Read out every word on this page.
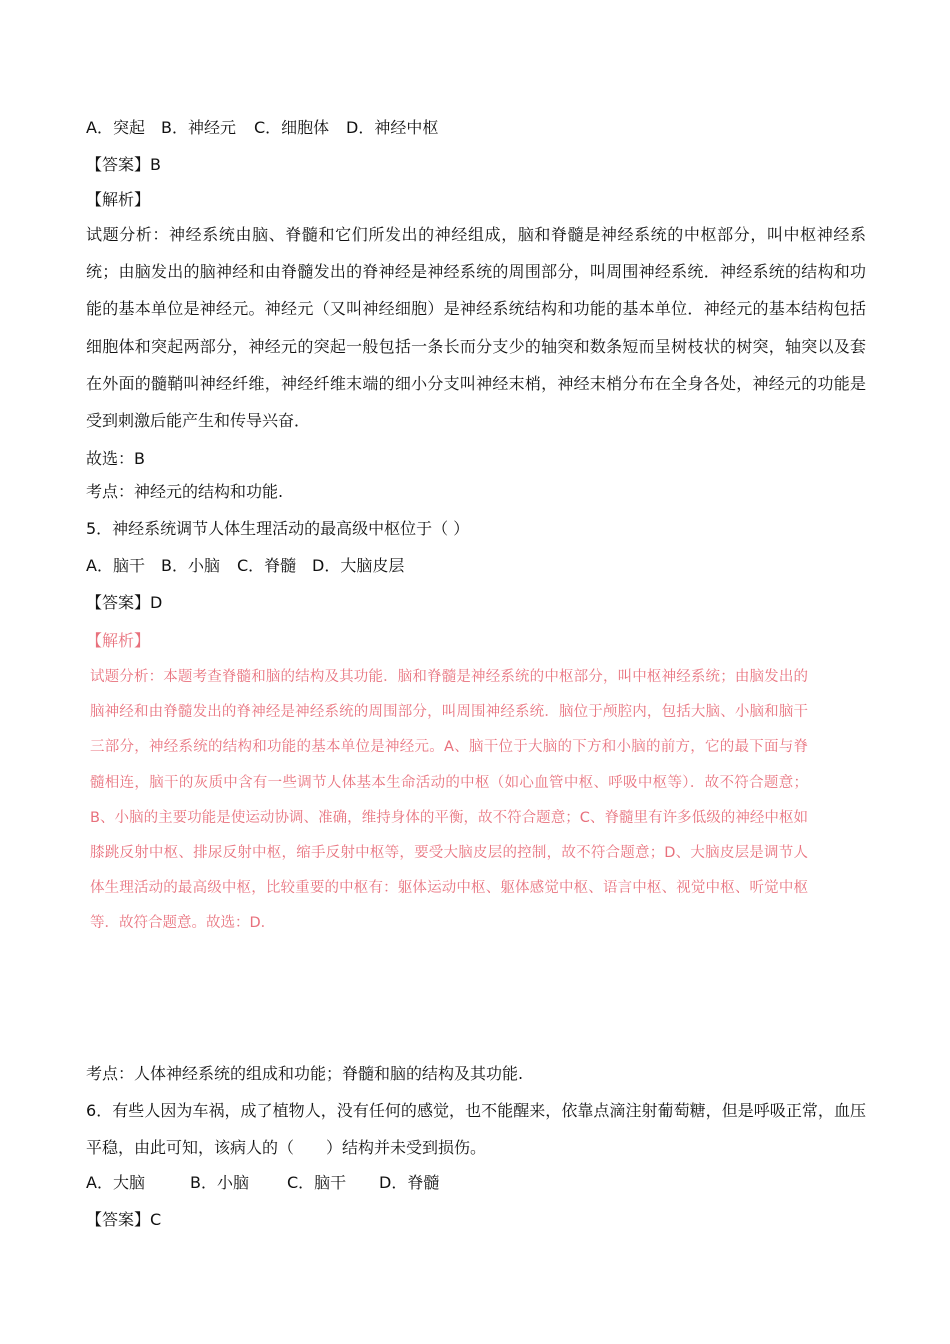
A．突起 B．神经元 C．细胞体 D．神经中枢
【答案】B
【解析】
试题分析：神经系统由脑、脊髓和它们所发出的神经组成，脑和脊髓是神经系统的中枢部分，叫中枢神经系统；由脑发出的脑神经和由脊髓发出的脊神经是神经系统的周围部分，叫周围神经系统．神经系统的结构和功能的基本单位是神经元。神经元（又叫神经细胞）是神经系统结构和功能的基本单位．神经元的基本结构包括细胞体和突起两部分，神经元的突起一般包括一条长而分支少的轴突和数条短而呈树枝状的树突，轴突以及套在外面的髓鞘叫神经纤维，神经纤维末端的细小分支叫神经末梢，神经末梢分布在全身各处，神经元的功能是受到刺激后能产生和传导兴奋．
故选：B
考点：神经元的结构和功能.
5．神经系统调节人体生理活动的最高级中枢位于（ ）
A．脑干 B．小脑 C．脊髓 D．大脑皮层
【答案】D
【解析】
试题分析：本题考查脊髓和脑的结构及其功能．脑和脊髓是神经系统的中枢部分，叫中枢神经系统；由脑发出的脑神经和由脊髓发出的脊神经是神经系统的周围部分，叫周围神经系统．脑位于颅腔内，包括大脑、小脑和脑干三部分，神经系统的结构和功能的基本单位是神经元。A、脑干位于大脑的下方和小脑的前方，它的最下面与脊髓相连，脑干的灰质中含有一些调节人体基本生命活动的中枢（如心血管中枢、呼吸中枢等）．故不符合题意；B、小脑的主要功能是使运动协调、准确，维持身体的平衡，故不符合题意；C、脊髓里有许多低级的神经中枢如膝跳反射中枢、排尿反射中枢，缩手反射中枢等，要受大脑皮层的控制，故不符合题意；D、大脑皮层是调节人体生理活动的最高级中枢，比较重要的中枢有：躯体运动中枢、躯体感觉中枢、语言中枢、视觉中枢、听觉中枢等．故符合题意。故选：D．
考点：人体神经系统的组成和功能；脊髓和脑的结构及其功能.
6．有些人因为车祸，成了植物人，没有任何的感觉，也不能醒来，依靠点滴注射葡萄糖，但是呼吸正常，血压平稳，由此可知，该病人的（　　）结构并未受到损伤。
A．大脑	B．小脑 C．脑干 D．脊髓
【答案】C
